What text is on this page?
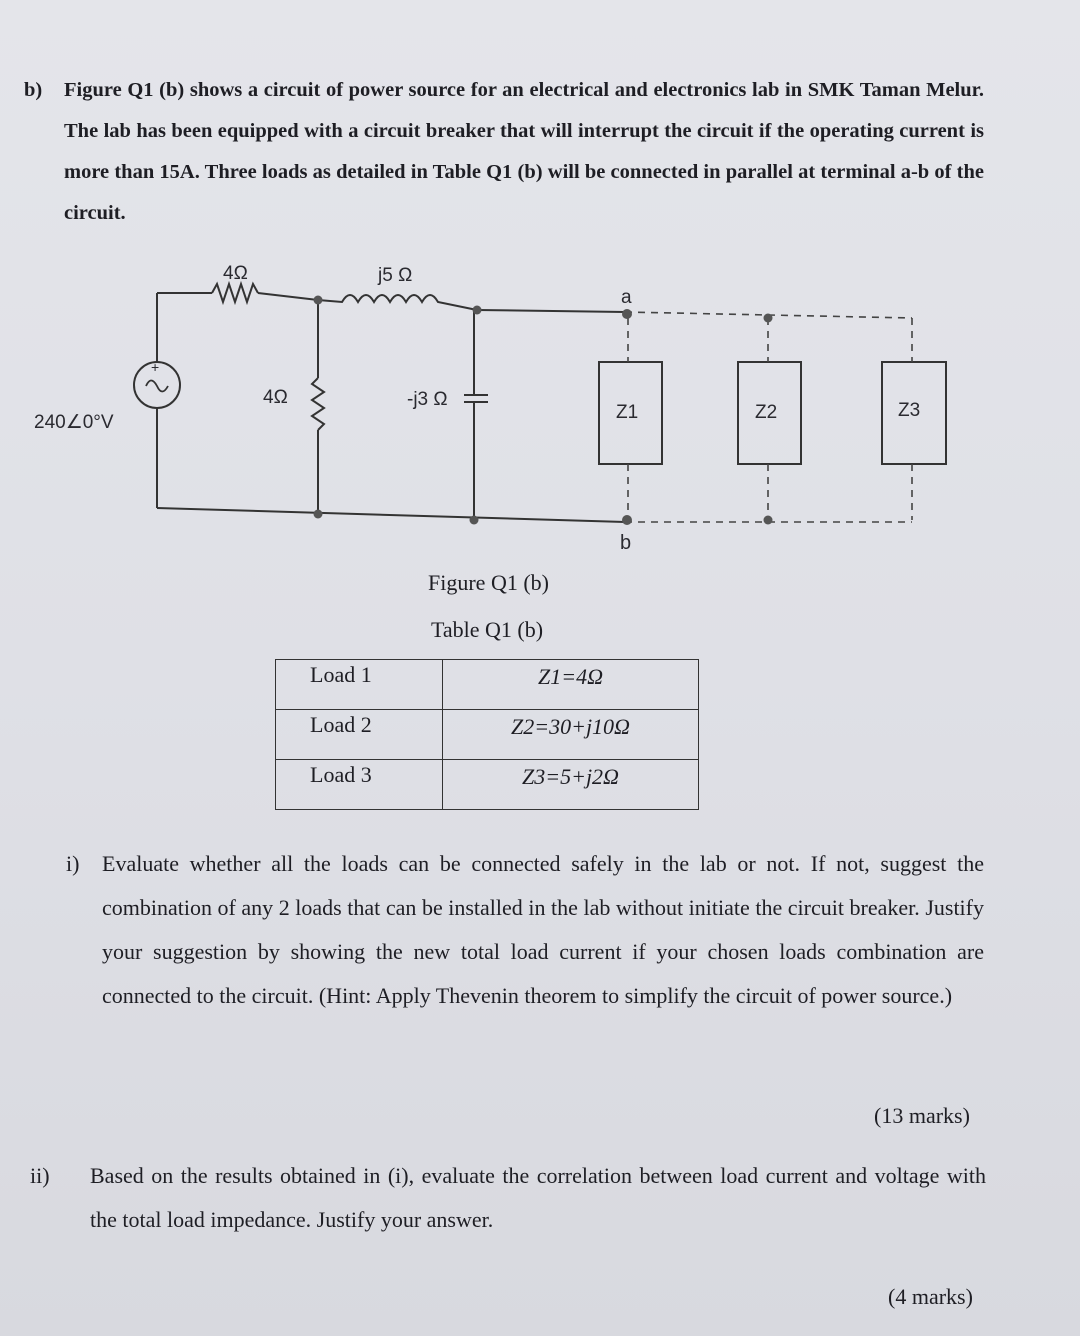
b) Figure Q1 (b) shows a circuit of power source for an electrical and electronics lab in SMK Taman Melur. The lab has been equipped with a circuit breaker that will interrupt the circuit if the operating current is more than 15A. Three loads as detailed in Table Q1 (b) will be connected in parallel at terminal a-b of the circuit.
+
240∠0°V
4Ω	j5 Ω
4Ω	-j3 Ω
a
b
Z1	Z2	Z3
Figure Q1 (b)
Table Q1 (b)
Load 1	Z1=4Ω
Load 2	Z2=30+j10Ω
Load 3	Z3=5+j2Ω
i) Evaluate whether all the loads can be connected safely in the lab or not. If not, suggest the combination of any 2 loads that can be installed in the lab without initiate the circuit breaker. Justify your suggestion by showing the new total load current if your chosen loads combination are connected to the circuit. (Hint: Apply Thevenin theorem to simplify the circuit of power source.)
(13 marks)
ii) Based on the results obtained in (i), evaluate the correlation between load current and voltage with the total load impedance. Justify your answer.
(4 marks)
